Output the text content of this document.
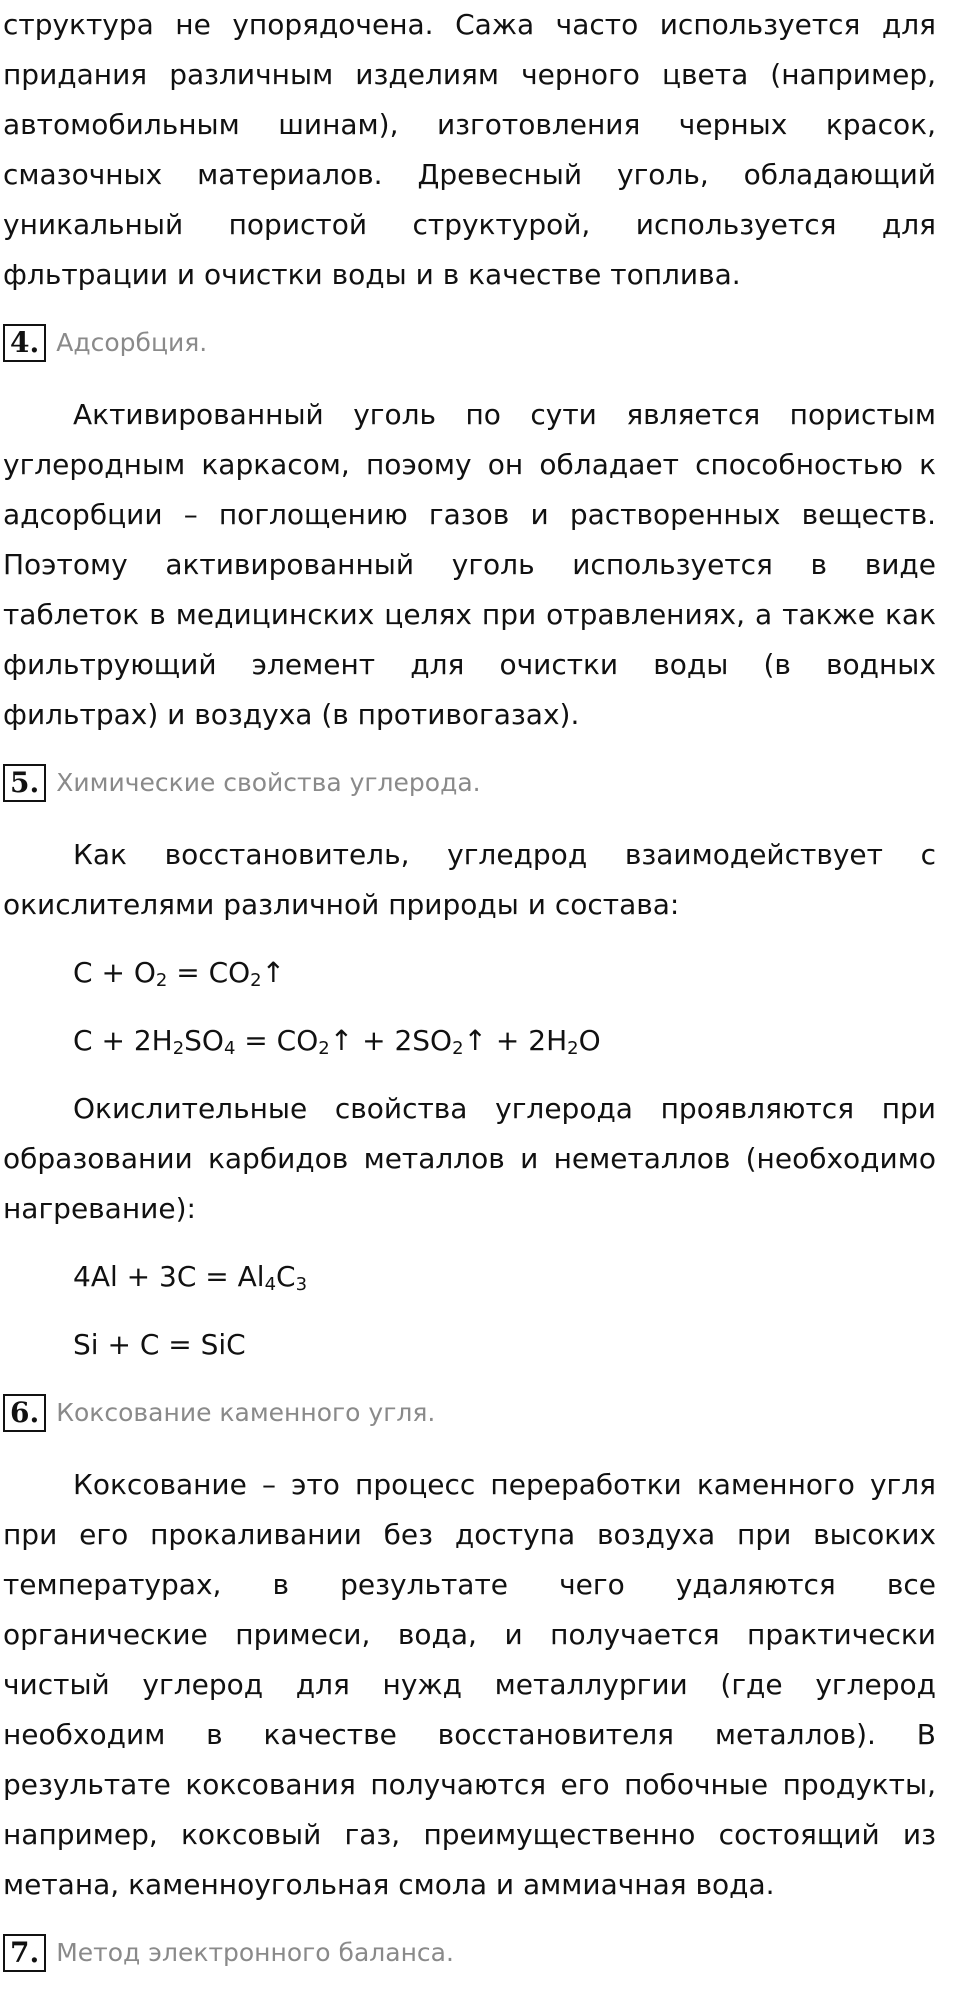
структура не упорядочена. Сажа часто используется для придания различным изделиям черного цвета (например, автомобильным шинам), изготовления черных красок, смазочных материалов. Древесный уголь, обладающий уникальный пористой структурой, используется для фльтрации и очистки воды и в качестве топлива.

4. Адсорбция.

Активированный уголь по сути является пористым углеродным каркасом, поэому он обладает способностью к адсорбции – поглощению газов и растворенных веществ. Поэтому активированный уголь используется в виде таблеток в медицинских целях при отравлениях, а также как фильтрующий элемент для очистки воды (в водных фильтрах) и воздуха (в противогазах).

5. Химические свойства углерода.

Как восстановитель, угледрод взаимодействует с окислителями различной природы и состава:

$C + O_2$ = $CO_2↑$

$C + 2H_2SO_4$ = $CO_2↑$ + $2SO_2↑ + 2H_2O$

Окислительные свойства углерода проявляются при образовании карбидов металлов и неметаллов (необходимо нагревание):

$4Al + 3C = Al_4C_3$

Si + C = SiC

6. Коксование каменного угля.

Коксование – это процесс переработки каменного угля при его прокаливании без доступа воздуха при высоких температурах, в результате чего удаляются все органические примеси, вода, и получается практически чистый углерод для нужд металлургии (где углерод необходим в качестве восстановителя металлов). В результате коксования получаются его побочные продукты, например, коксовый газ, преимущественно состоящий из метана, каменноугольная смола и аммиачная вода.

7. Метод электронного баланса.
